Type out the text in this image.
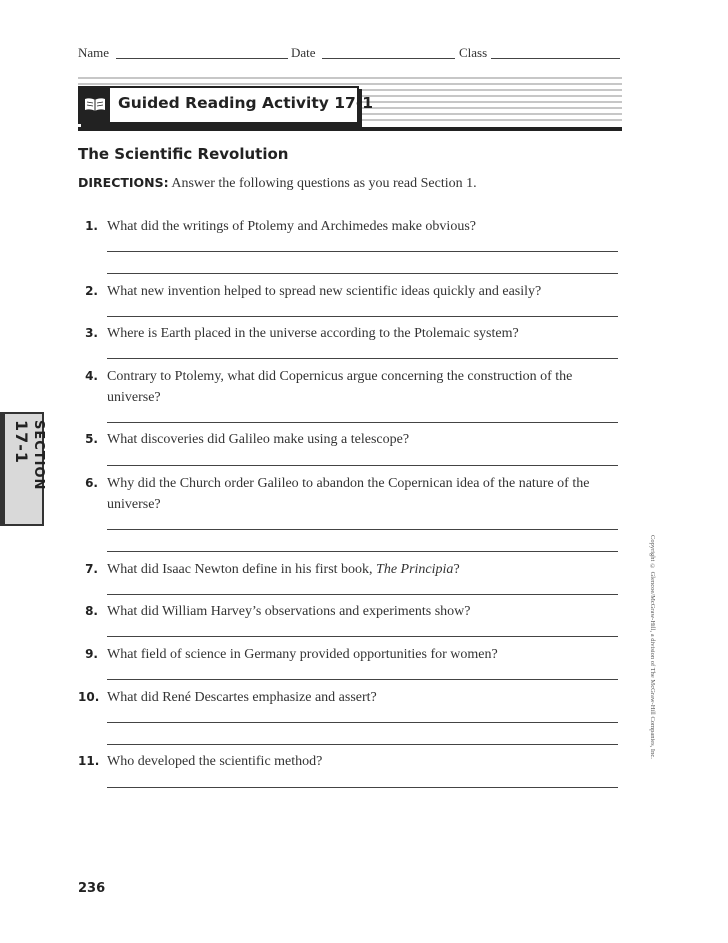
Name	Date	Class
Guided Reading Activity 17-1
The Scientific Revolution
DIRECTIONS: Answer the following questions as you read Section 1.
1. What did the writings of Ptolemy and Archimedes make obvious?
2. What new invention helped to spread new scientific ideas quickly and easily?
3. Where is Earth placed in the universe according to the Ptolemaic system?
4. Contrary to Ptolemy, what did Copernicus argue concerning the construction of the universe?
5. What discoveries did Galileo make using a telescope?
6. Why did the Church order Galileo to abandon the Copernican idea of the nature of the universe?
7. What did Isaac Newton define in his first book, The Principia?
8. What did William Harvey’s observations and experiments show?
9. What field of science in Germany provided opportunities for women?
10. What did René Descartes emphasize and assert?
11. Who developed the scientific method?
SECTION 17-1
Copyright © Glencoe/McGraw-Hill, a division of The McGraw-Hill Companies, Inc.
236
